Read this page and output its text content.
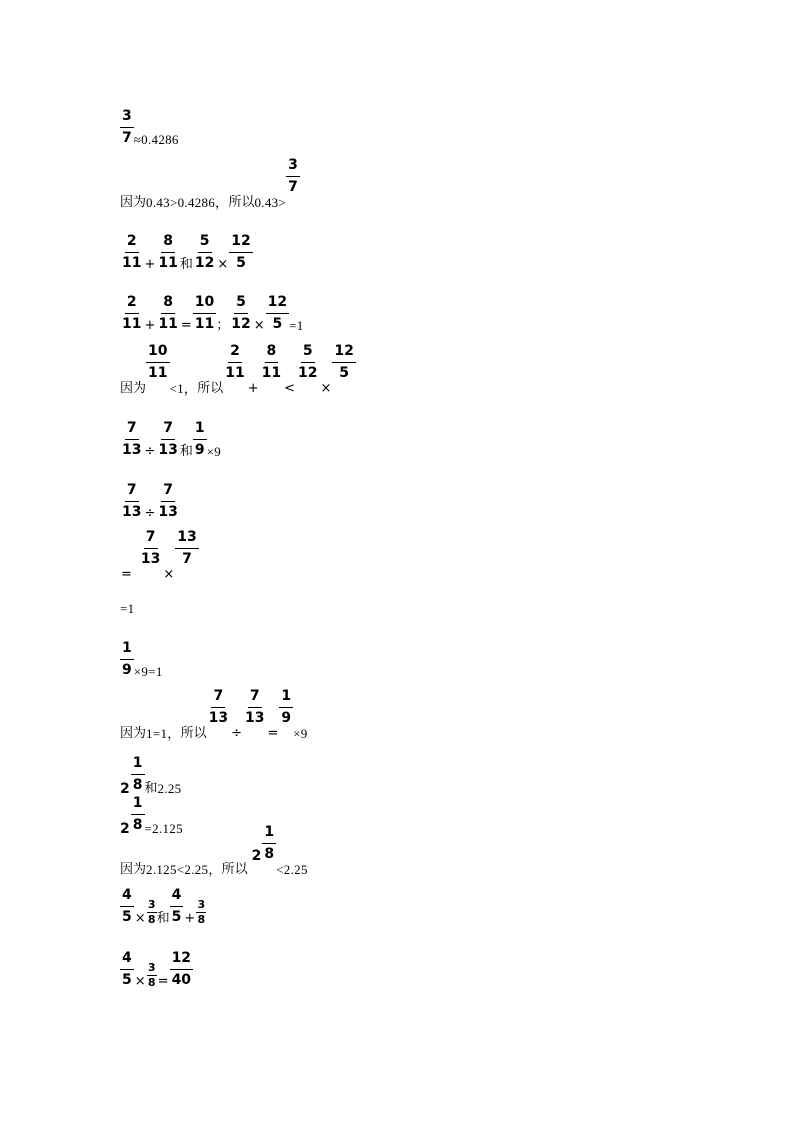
$\frac{3}{7} \approx 0.4286$
因为 0.43>0.4286， 所以 0.43>
$\frac{3}{7}$
$\frac{2}{11} + \frac{8}{11}$ 和 $\frac{5}{12} \times \frac{12}{5}$
$\frac{2}{11} + \frac{8}{11} = \frac{10}{11}$ ； $\frac{5}{12} \times \frac{12}{5} =1$
因为
$\frac{10}{11}$
<1， 所以
$\frac{2}{11}$
+
$\frac{8}{11}$
<
$\frac{5}{12}$
×
$\frac{12}{5}$
$\frac{7}{13} \div \frac{7}{13}$ 和 $\frac{1}{9} \times 9$
$\frac{7}{13} \div \frac{7}{13}$
=
$\frac{7}{13}$
×
$\frac{13}{7}$
=1
$\frac{1}{9} \times 9=1$
因为 1=1， 所以
$\frac{7}{13}$
÷
$\frac{7}{13}$
=
$\frac{1}{9}$
×9
$2 \frac{1}{8}$ 和 2.25
$2 \frac{1}{8} =2.125$
因为 2.125<2.25， 所以
$2 \frac{1}{8}$
<2.25
$\frac{4}{5} \times \frac{3}{8}$ 和 $\frac{4}{5} + \frac{3}{8}$
$\frac{4}{5} \times \frac{3}{8} = \frac{12}{40}$
